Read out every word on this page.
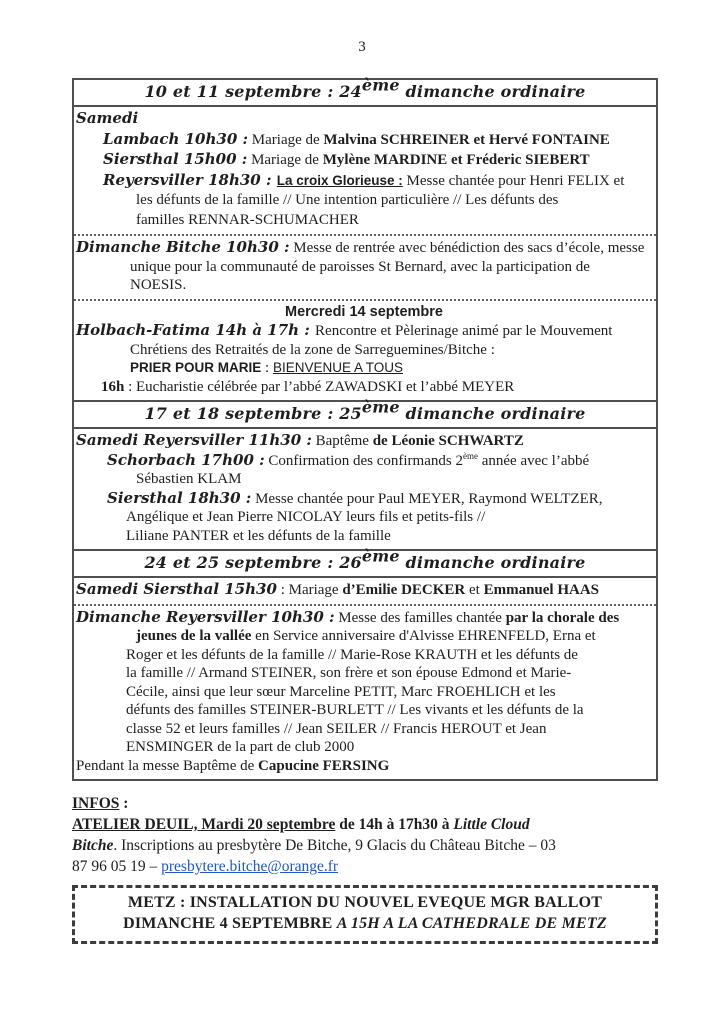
3
10 et 11 septembre : 24ème dimanche ordinaire
Samedi
Lambach 10h30 : Mariage de Malvina SCHREINER et Hervé FONTAINE
Siersthal 15h00 : Mariage de Mylène MARDINE et Fréderic SIEBERT
Reyersviller 18h30 : La croix Glorieuse : Messe chantée pour Henri FELIX et
les défunts de la famille // Une intention particulière // Les défunts des
familles RENNAR-SCHUMACHER
Dimanche Bitche 10h30 : Messe de rentrée avec bénédiction des sacs d’école, messe
unique pour la communauté de paroisses St Bernard, avec la participation de
NOESIS.
Mercredi 14 septembre
Holbach-Fatima 14h à 17h : Rencontre et Pèlerinage animé par le Mouvement
Chrétiens des Retraités de la zone de Sarreguemines/Bitche :
PRIER POUR MARIE : BIENVENUE A TOUS
16h : Eucharistie célébrée par l’abbé ZAWADSKI et l’abbé MEYER
17 et 18 septembre : 25ème dimanche ordinaire
Samedi Reyersviller 11h30 : Baptême de Léonie SCHWARTZ
Schorbach 17h00 : Confirmation des confirmands 2ème année avec l’abbé
Sébastien KLAM
Siersthal 18h30 : Messe chantée pour Paul MEYER, Raymond WELTZER,
Angélique et Jean Pierre NICOLAY leurs fils et petits-fils //
Liliane PANTER et les défunts de la famille
24 et 25 septembre : 26ème dimanche ordinaire
Samedi Siersthal 15h30 : Mariage d’Emilie DECKER et Emmanuel HAAS
Dimanche Reyersviller 10h30 : Messe des familles chantée par la chorale des
jeunes de la vallée en Service anniversaire d'Alvisse EHRENFELD, Erna et
Roger et les défunts de la famille // Marie-Rose KRAUTH et les défunts de
la famille // Armand STEINER, son frère et son épouse Edmond et Marie-
Cécile, ainsi que leur sœur Marceline PETIT, Marc FROEHLICH et les
défunts des familles STEINER-BURLETT // Les vivants et les défunts de la
classe 52 et leurs familles // Jean SEILER // Francis HEROUT et Jean
ENSMINGER de la part de club 2000
Pendant la messe Baptême de Capucine FERSING
INFOS :
ATELIER DEUIL, Mardi 20 septembre de 14h à 17h30 à Little Cloud
Bitche. Inscriptions au presbytère De Bitche, 9 Glacis du Château Bitche – 03
87 96 05 19 – presbytere.bitche@orange.fr
METZ : INSTALLATION DU NOUVEL EVEQUE MGR BALLOT
DIMANCHE 4 SEPTEMBRE A 15H A LA CATHEDRALE DE METZ
